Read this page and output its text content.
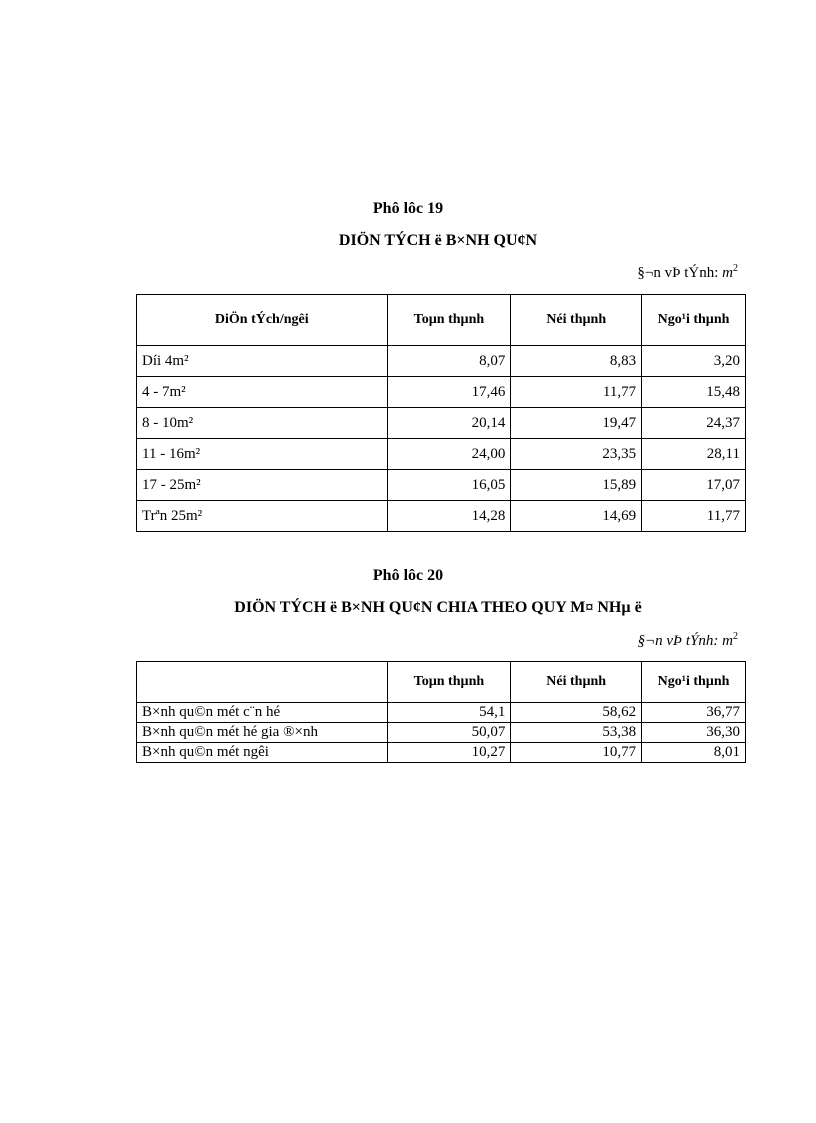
Phô lôc 19
DIÖN TÝCH ë B×NH QU¢N
§¬n vÞ tÝnh: $m^2$
DiÖn tÝch/ngêi	Toµn thµnh	Néi thµnh	Ngo¹i thµnh
Díi 4m²	8,07	8,83	3,20
4 - 7m²	17,46	11,77	15,48
8 - 10m²	20,14	19,47	24,37
11 - 16m²	24,00	23,35	28,11
17 - 25m²	16,05	15,89	17,07
Trªn 25m²	14,28	14,69	11,77
Phô lôc 20
DIÖN TÝCH ë B×NH QU¢N CHIA THEO QUY M¤ NHµ ë
§¬n vÞ tÝnh: $m^2$
	Toµn thµnh	Néi thµnh	Ngo¹i thµnh
B×nh qu©n mét c¨n hé	54,1	58,62	36,77
B×nh qu©n mét hé gia ®×nh	50,07	53,38	36,30
B×nh qu©n mét ngêi	10,27	10,77	8,01
